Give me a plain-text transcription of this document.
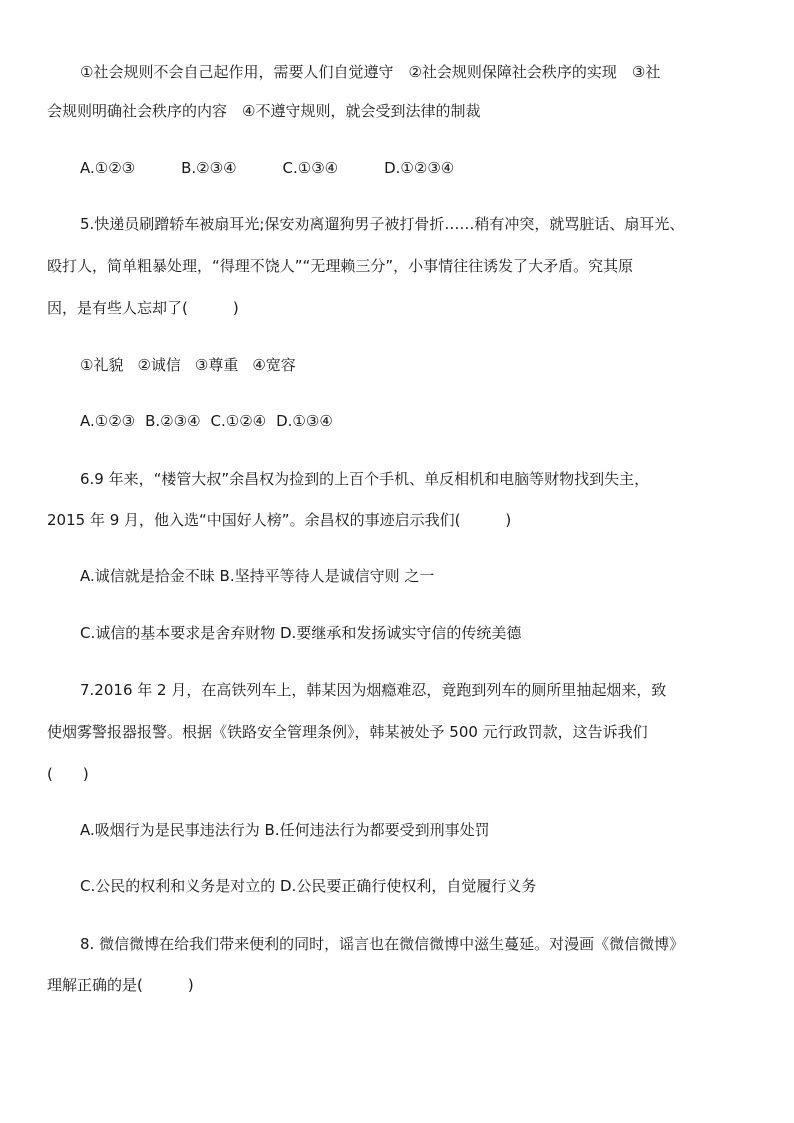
①社会规则不会自己起作用，需要人们自觉遵守　②社会规则保障社会秩序的实现　③社
会规则明确社会秩序的内容　④不遵守规则，就会受到法律的制裁
A.①②③	B.②③④	C.①③④	D.①②③④
5.快递员刷蹭轿车被扇耳光;保安劝离遛狗男子被打骨折……稍有冲突，就骂脏话、扇耳光、
殴打人，简单粗暴处理，“得理不饶人”“无理赖三分”，小事情往往诱发了大矛盾。究其原
因，是有些人忘却了(　　　)
①礼貌 ②诚信 ③尊重 ④宽容
A.①②③ B.②③④ C.①②④ D.①③④
6.9 年来，“楼管大叔”余昌权为捡到的上百个手机、单反相机和电脑等财物找到失主，
2015 年 9 月，他入选“中国好人榜”。余昌权的事迹启示我们(　　　)
A.诚信就是拾金不昧 B.坚持平等待人是诚信守则 之一
C.诚信的基本要求是舍弃财物 D.要继承和发扬诚实守信的传统美德
7.2016 年 2 月，在高铁列车上，韩某因为烟瘾难忍，竟跑到列车的厕所里抽起烟来，致
使烟雾警报器报警。根据《铁路安全管理条例》，韩某被处予 500 元行政罚款，这告诉我们
(　　)
A.吸烟行为是民事违法行为 B.任何违法行为都要受到刑事处罚
C.公民的权利和义务是对立的 D.公民要正确行使权利，自觉履行义务
8. 微信微博在给我们带来便利的同时，谣言也在微信微博中滋生蔓延。对漫画《微信微博》
理解正确的是(　　　)
